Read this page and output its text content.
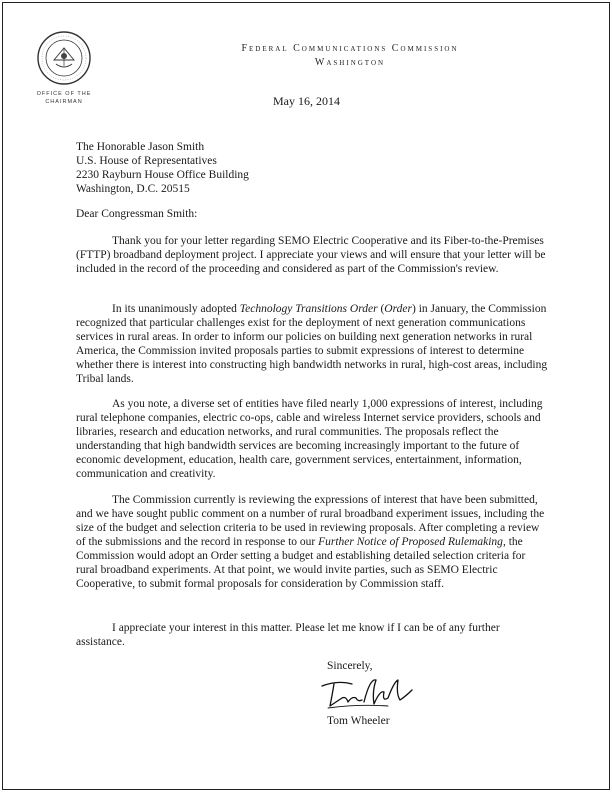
OFFICE OF THE CHAIRMAN
Federal Communications Commission
Washington
May 16, 2014
The Honorable Jason Smith
U.S. House of Representatives
2230 Rayburn House Office Building
Washington, D.C. 20515
Dear Congressman Smith:
Thank you for your letter regarding SEMO Electric Cooperative and its Fiber-to-the-Premises (FTTP) broadband deployment project. I appreciate your views and will ensure that your letter will be included in the record of the proceeding and considered as part of the Commission's review.
In its unanimously adopted Technology Transitions Order (Order) in January, the Commission recognized that particular challenges exist for the deployment of next generation communications services in rural areas. In order to inform our policies on building next generation networks in rural America, the Commission invited proposals parties to submit expressions of interest to determine whether there is interest into constructing high bandwidth networks in rural, high-cost areas, including Tribal lands.
As you note, a diverse set of entities have filed nearly 1,000 expressions of interest, including rural telephone companies, electric co-ops, cable and wireless Internet service providers, schools and libraries, research and education networks, and rural communities. The proposals reflect the understanding that high bandwidth services are becoming increasingly important to the future of economic development, education, health care, government services, entertainment, information, communication and creativity.
The Commission currently is reviewing the expressions of interest that have been submitted, and we have sought public comment on a number of rural broadband experiment issues, including the size of the budget and selection criteria to be used in reviewing proposals. After completing a review of the submissions and the record in response to our Further Notice of Proposed Rulemaking, the Commission would adopt an Order setting a budget and establishing detailed selection criteria for rural broadband experiments. At that point, we would invite parties, such as SEMO Electric Cooperative, to submit formal proposals for consideration by Commission staff.
I appreciate your interest in this matter. Please let me know if I can be of any further assistance.
Sincerely,
Tom Wheeler
